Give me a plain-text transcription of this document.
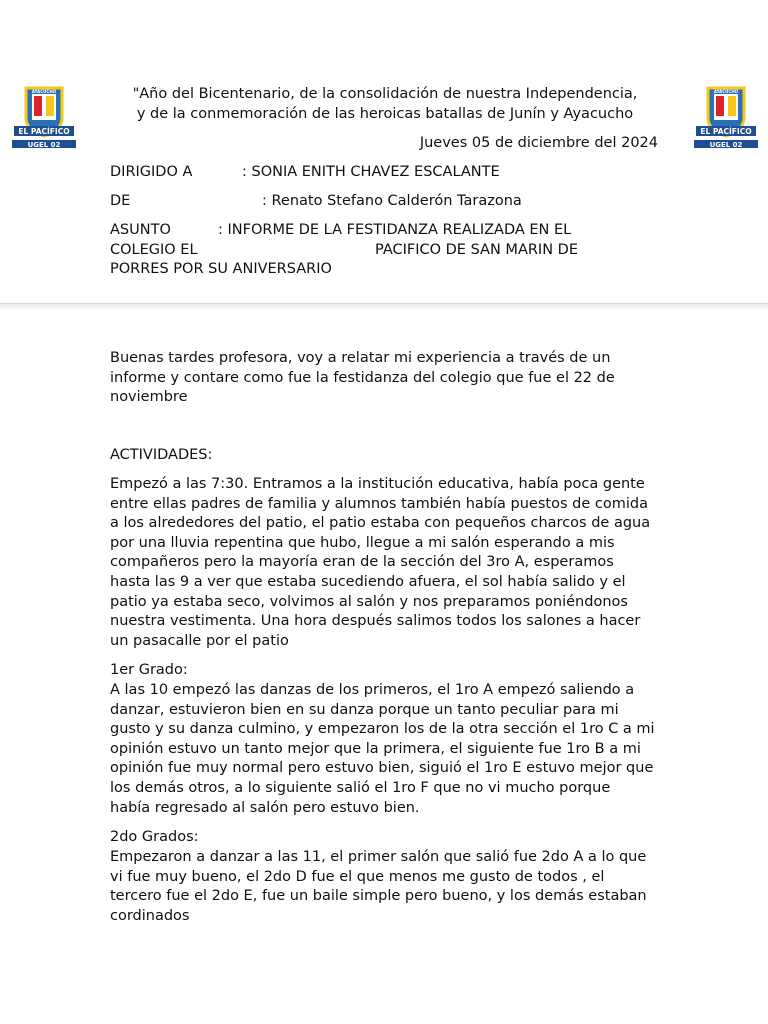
UGEL 02
AYACUCHO
EL PACÍFICO
UGEL 02
AYACUCHO
EL PACÍFICO
"Año del Bicentenario, de la consolidación de nuestra Independencia,
y de la conmemoración de las heroicas batallas de Junín y Ayacucho
Jueves 05 de diciembre del 2024
DIRIGIDO A	: SONIA ENITH CHAVEZ ESCALANTE
DE	: Renato Stefano Calderón Tarazona
ASUNTO	: INFORME DE LA FESTIDANZA REALIZADA EN EL
COLEGIO EL	PACIFICO DE SAN MARIN DE
PORRES POR SU ANIVERSARIO

Buenas tardes profesora, voy a relatar mi experiencia a través de un informe y contare como fue la festidanza del colegio que fue el 22 de noviembre

ACTIVIDADES:

Empezó a las 7:30. Entramos a la institución educativa, había poca gente entre ellas padres de familia y alumnos también había puestos de comida a los alrededores del patio, el patio estaba con pequeños charcos de agua por una lluvia repentina que hubo, llegue a mi salón esperando a mis compañeros pero la mayoría eran de la sección del 3ro A, esperamos hasta las 9 a ver que estaba sucediendo afuera, el sol había salido y el patio ya estaba seco, volvimos al salón y nos preparamos poniéndonos nuestra vestimenta. Una hora después salimos todos los salones a hacer un pasacalle por el patio

1er Grado:

A las 10 empezó las danzas de los primeros, el 1ro A empezó saliendo a danzar, estuvieron bien en su danza porque un tanto peculiar para mi gusto y su danza culmino, y empezaron los de la otra sección el 1ro C a mi opinión estuvo un tanto mejor que la primera, el siguiente fue 1ro B a mi opinión fue muy normal pero estuvo bien, siguió el 1ro E estuvo mejor que los demás otros, a lo siguiente salió el 1ro F que no vi mucho porque había regresado al salón pero estuvo bien.

2do Grados:

Empezaron a danzar a las 11, el primer salón que salió fue 2do A a lo que vi fue muy bueno, el 2do D fue el que menos me gusto de todos , el tercero fue el 2do E, fue un baile simple pero bueno, y los demás estaban cordinados
